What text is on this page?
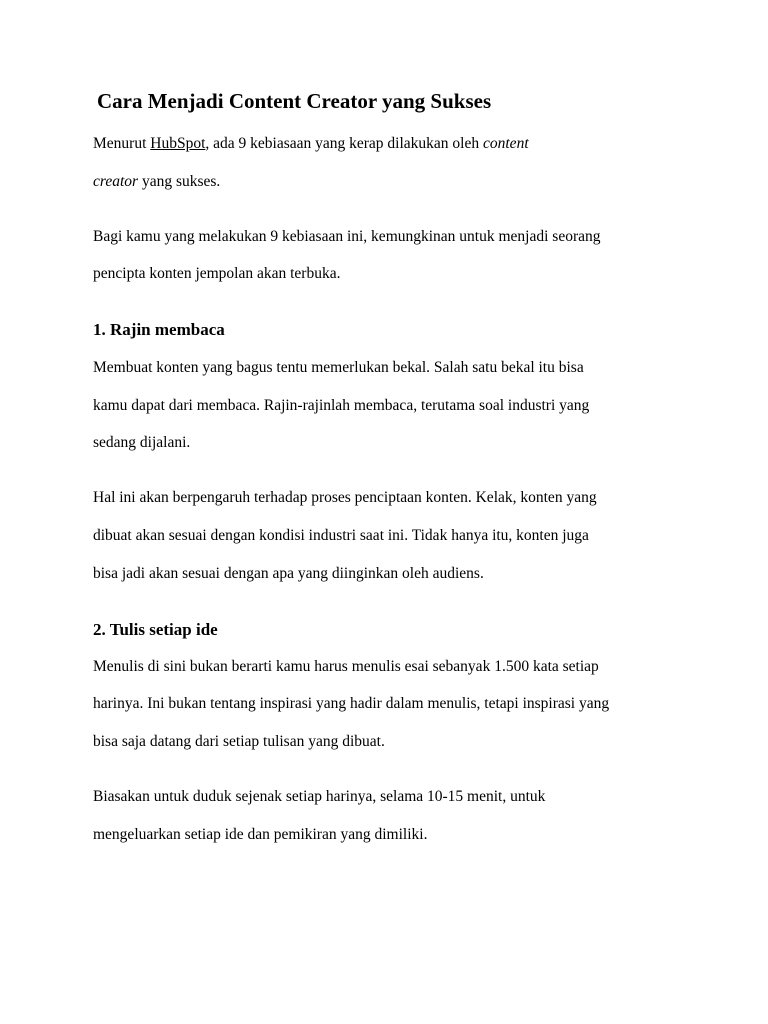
Cara Menjadi Content Creator yang Sukses

Menurut HubSpot, ada 9 kebiasaan yang kerap dilakukan oleh content

creator yang sukses.

Bagi kamu yang melakukan 9 kebiasaan ini, kemungkinan untuk menjadi seorang

pencipta konten jempolan akan terbuka.

1. Rajin membaca

Membuat konten yang bagus tentu memerlukan bekal. Salah satu bekal itu bisa

kamu dapat dari membaca. Rajin-rajinlah membaca, terutama soal industri yang

sedang dijalani.

Hal ini akan berpengaruh terhadap proses penciptaan konten. Kelak, konten yang

dibuat akan sesuai dengan kondisi industri saat ini. Tidak hanya itu, konten juga

bisa jadi akan sesuai dengan apa yang diinginkan oleh audiens.

2. Tulis setiap ide

Menulis di sini bukan berarti kamu harus menulis esai sebanyak 1.500 kata setiap

harinya. Ini bukan tentang inspirasi yang hadir dalam menulis, tetapi inspirasi yang

bisa saja datang dari setiap tulisan yang dibuat.

Biasakan untuk duduk sejenak setiap harinya, selama 10-15 menit, untuk

mengeluarkan setiap ide dan pemikiran yang dimiliki.
